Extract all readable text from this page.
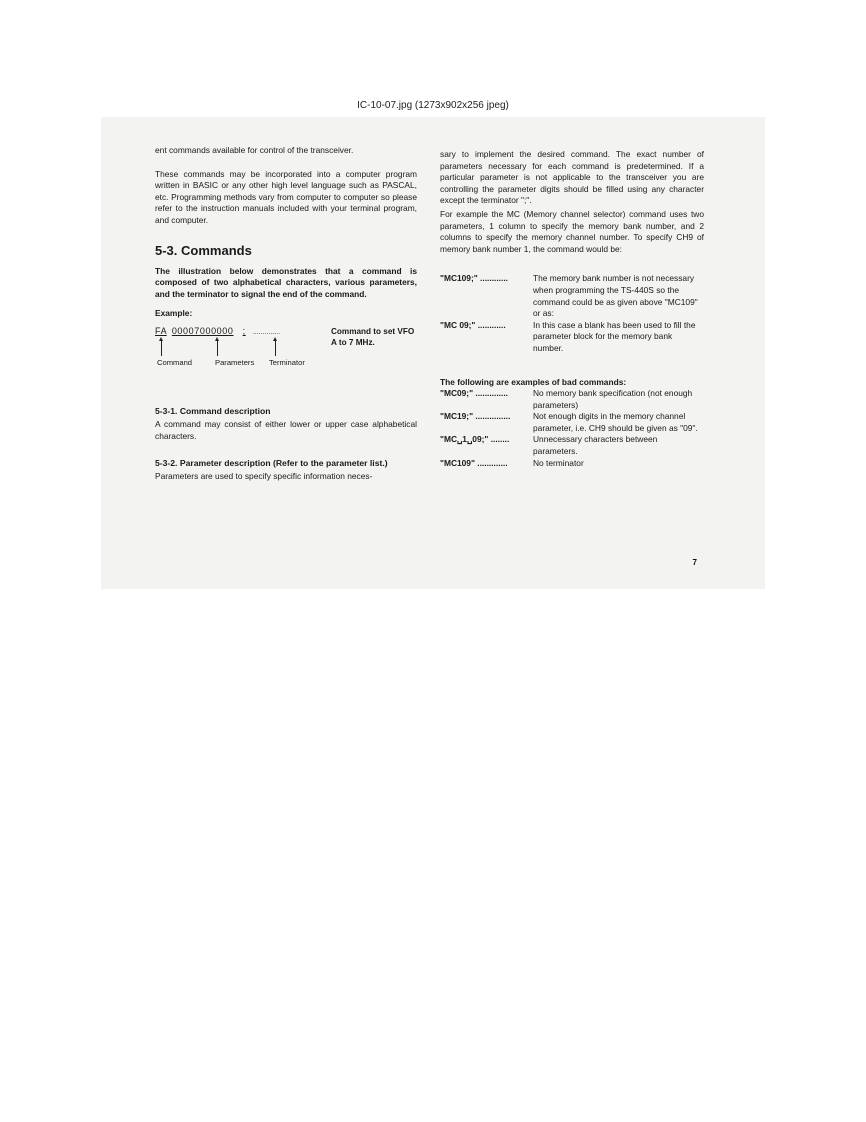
IC-10-07.jpg (1273x902x256 jpeg)

ent commands available for control of the transceiver.

These commands may be incorporated into a computer program written in BASIC or any other high level language such as PASCAL, etc. Programming methods vary from computer to computer so please refer to the instruction manuals included with your terminal program, and computer.

5-3. Commands

The illustration below demonstrates that a command is composed of two alphabetical characters, various parameters, and the terminator to signal the end of the command.

Example:
FA 00007000000 ; ..............	Command to set VFO A to 7 MHz.
Command	Parameters Terminator
5-3-1. Command description

A command may consist of either lower or upper case alphabetical characters.

5-3-2. Parameter description (Refer to the parameter list.)

Parameters are used to specify specific information neces-

sary to implement the desired command. The exact number of parameters necessary for each command is predetermined. If a particular parameter is not applicable to the transceiver you are controlling the parameter digits should be filled using any character except the terminator ";".

For example the MC (Memory channel selector) command uses two parameters, 1 column to specify the memory bank number, and 2 columns to specify the memory channel number. To specify CH9 of memory bank number 1, the command would be:

"MC109;" ............	The memory bank number is not necessary when programming the TS-440S so the command could be as given above "MC109" or as:
"MC 09;" ............	In this case a blank has been used to fill the parameter block for the memory bank number.
The following are examples of bad commands:
"MC09;" ..............	No memory bank specification (not enough parameters)
"MC19;" ...............	Not enough digits in the memory channel parameter, i.e. CH9 should be given as "09".
"MC␣1␣09;" ........	Unnecessary characters between parameters.
"MC109" .............	No terminator
7
